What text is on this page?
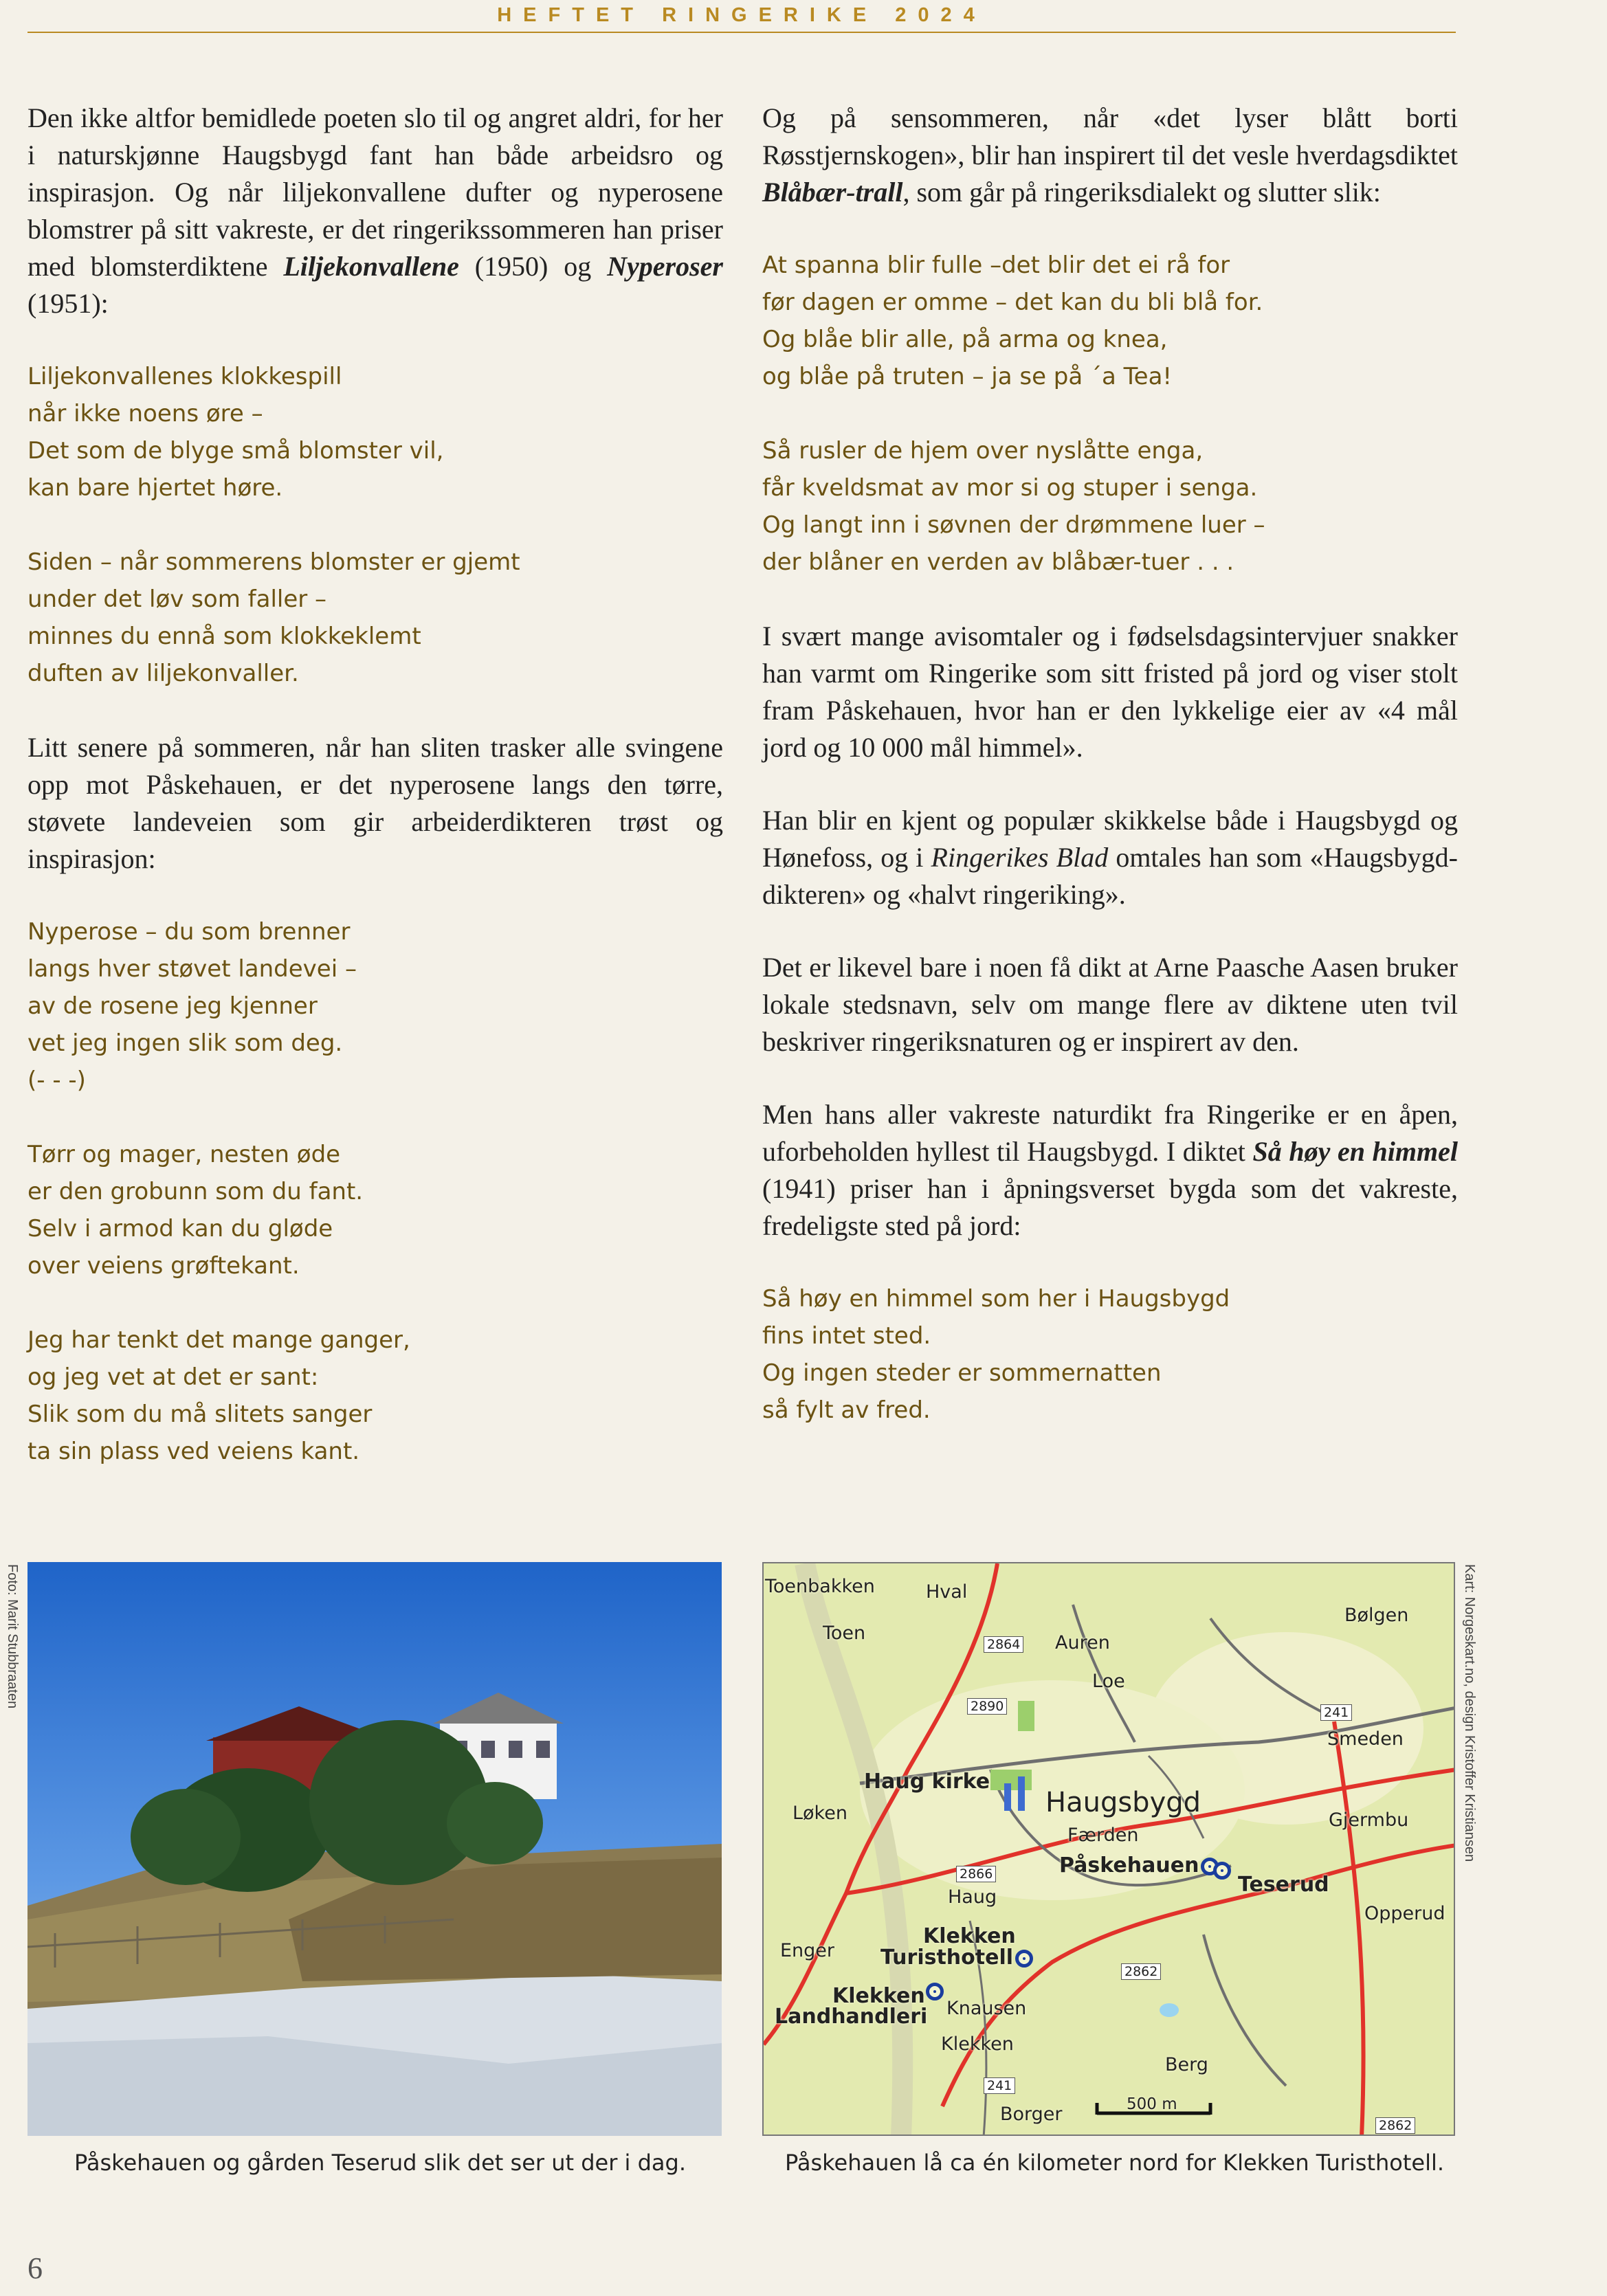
HEFTET RINGERIKE 2024

Den ikke altfor bemidlede poeten slo til og angret aldri, for her i naturskjønne Haugsbygd fant han både arbeidsro og inspirasjon. Og når liljekonvallene dufter og nyperosene blomstrer på sitt vakreste, er det ringerikssommeren han priser med blomsterdiktene Liljekonvallene (1950) og Nyperoser (1951):

Liljekonvallenes klokkespill
når ikke noens øre –
Det som de blyge små blomster vil,
kan bare hjertet høre.
Siden – når sommerens blomster er gjemt
under det løv som faller –
minnes du ennå som klokkeklemt
duften av liljekonvaller.

Litt senere på sommeren, når han sliten trasker alle svingene opp mot Påskehauen, er det nyperosene langs den tørre, støvete landeveien som gir arbeiderdikteren trøst og inspirasjon:

Nyperose – du som brenner
langs hver støvet landevei –
av de rosene jeg kjenner
vet jeg ingen slik som deg.
(- - -)
Tørr og mager, nesten øde
er den grobunn som du fant.
Selv i armod kan du gløde
over veiens grøftekant.
Jeg har tenkt det mange ganger,
og jeg vet at det er sant:
Slik som du må slitets sanger
ta sin plass ved veiens kant.

Og på sensommeren, når «det lyser blått borti Røsstjernskogen», blir han inspirert til det vesle hverdagsdiktet Blåbær-trall, som går på ringeriksdialekt og slutter slik:

At spanna blir fulle –det blir det ei rå for
før dagen er omme – det kan du bli blå for.
Og blåe blir alle, på arma og knea,
og blåe på truten – ja se på ´a Tea!
Så rusler de hjem over nyslåtte enga,
får kveldsmat av mor si og stuper i senga.
Og langt inn i søvnen der drømmene luer –
der blåner en verden av blåbær-tuer . . .

I svært mange avisomtaler og i fødselsdagsintervjuer snakker han varmt om Ringerike som sitt fristed på jord og viser stolt fram Påskehauen, hvor han er den lykkelige eier av «4 mål jord og 10 000 mål himmel».

Han blir en kjent og populær skikkelse både i Haugsbygd og Hønefoss, og i Ringerikes Blad omtales han som «Haugsbygd-dikteren» og «halvt ringeriking».

Det er likevel bare i noen få dikt at Arne Paasche Aasen bruker lokale stedsnavn, selv om mange flere av diktene uten tvil beskriver ringeriksnaturen og er inspirert av den.

Men hans aller vakreste naturdikt fra Ringerike er en åpen, uforbeholden hyllest til Haugsbygd. I diktet Så høy en himmel (1941) priser han i åpningsverset bygda som det vakreste, fredeligste sted på jord:

Så høy en himmel som her i Haugsbygd
fins intet sted.
Og ingen steder er sommernatten
så fylt av fred.
Foto: Marit Stubbraaten
Påskehauen og gården Teserud slik det ser ut der i dag.
Toenbakken	Hval
Toen	Auren
Loe
Bølgen
Smeden
Haug kirke
Haugsbygd
Løken
Færden
Påskehauen
Teserud
Gjermbu
Haug
Opperud
Enger
Klekken
Turisthotell
Klekken
Landhandleri Knausen
Klekken
Berg
Borger	500 m
2864
2890	241
2866
2862
241
2862
Kart: Norgeskart.no, design Kristoffer Kristiansen
Påskehauen lå ca én kilometer nord for Klekken Turisthotell.
6
